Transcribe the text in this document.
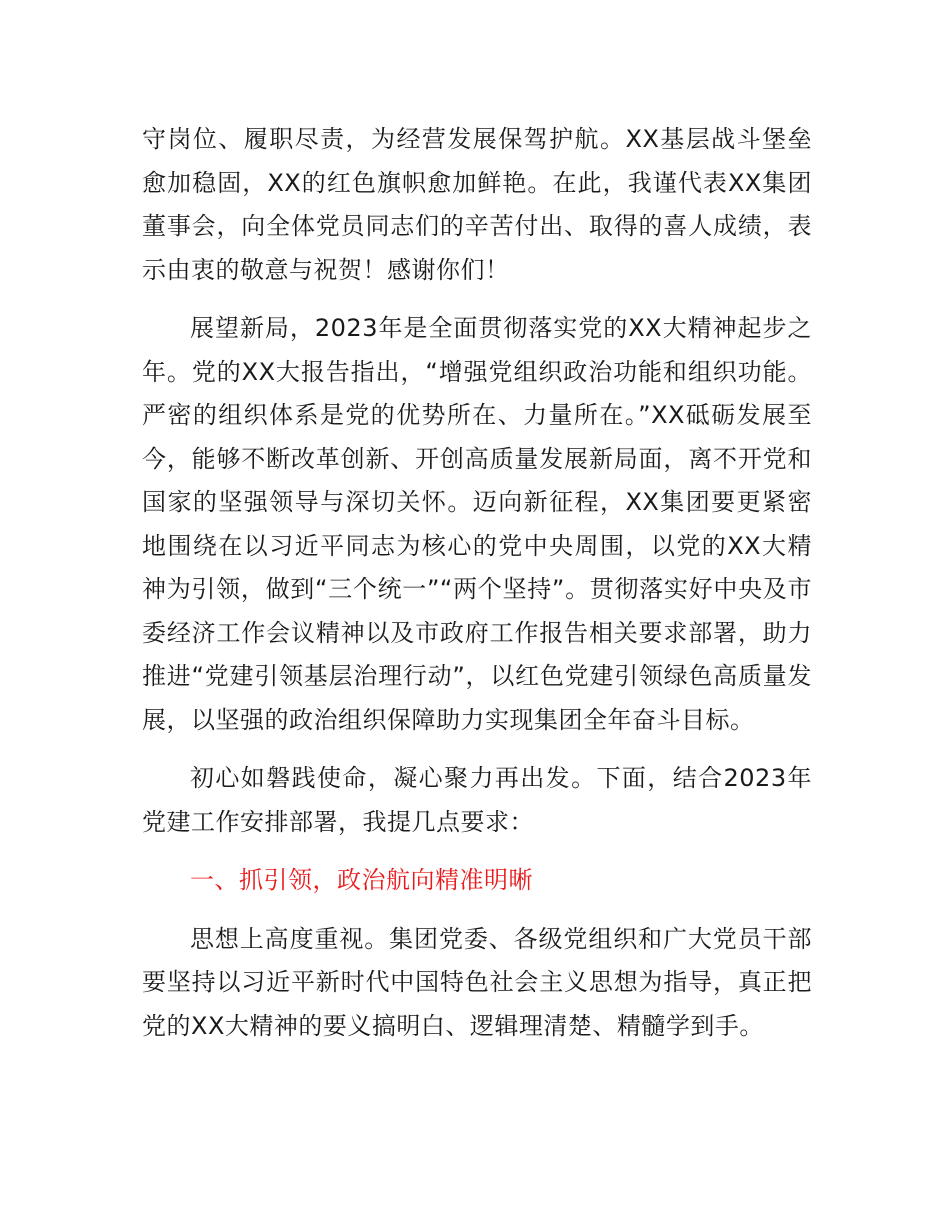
守岗位、履职尽责，为经营发展保驾护航。XX基层战斗堡垒愈加稳固，XX的红色旗帜愈加鲜艳。在此，我谨代表XX集团董事会，向全体党员同志们的辛苦付出、取得的喜人成绩，表示由衷的敬意与祝贺！感谢你们！

展望新局，2023年是全面贯彻落实党的XX大精神起步之年。党的XX大报告指出，“增强党组织政治功能和组织功能。严密的组织体系是党的优势所在、力量所在。”XX砥砺发展至今，能够不断改革创新、开创高质量发展新局面，离不开党和国家的坚强领导与深切关怀。迈向新征程，XX集团要更紧密地围绕在以习近平同志为核心的党中央周围，以党的XX大精神为引领，做到“三个统一”“两个坚持”。贯彻落实好中央及市委经济工作会议精神以及市政府工作报告相关要求部署，助力推进“党建引领基层治理行动”，以红色党建引领绿色高质量发展，以坚强的政治组织保障助力实现集团全年奋斗目标。

初心如磐践使命，凝心聚力再出发。下面，结合2023年党建工作安排部署，我提几点要求：

一、抓引领，政治航向精准明晰

思想上高度重视。集团党委、各级党组织和广大党员干部要坚持以习近平新时代中国特色社会主义思想为指导，真正把党的XX大精神的要义搞明白、逻辑理清楚、精髓学到手。
